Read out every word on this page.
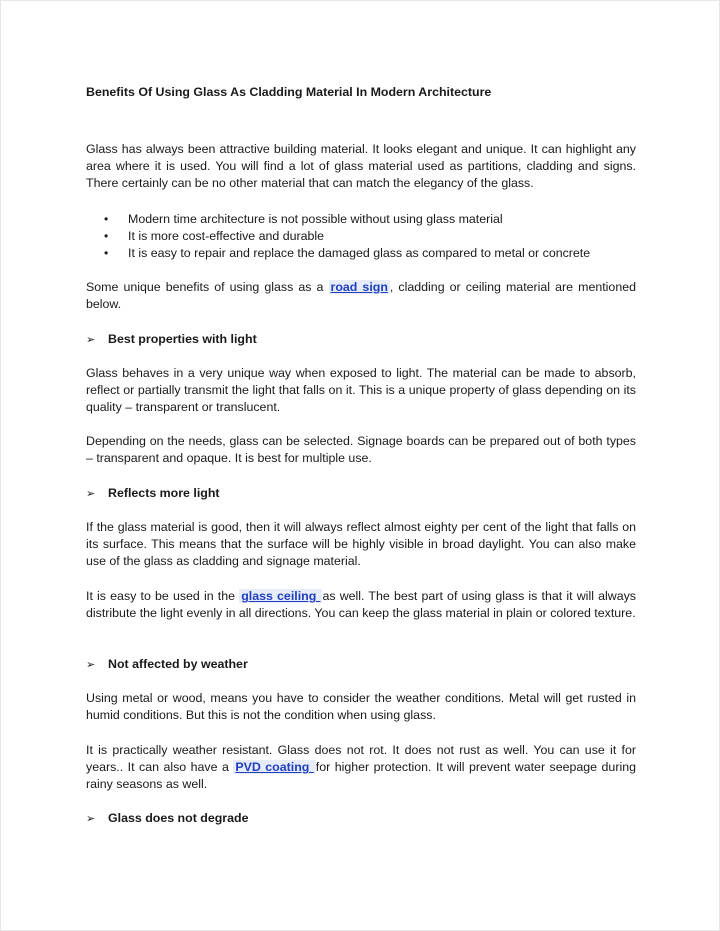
Benefits Of Using Glass As Cladding Material In Modern Architecture

Glass has always been attractive building material. It looks elegant and unique. It can highlight any area where it is used. You will find a lot of glass material used as partitions, cladding and signs. There certainly can be no other material that can match the elegancy of the glass.

• Modern time architecture is not possible without using glass material
• It is more cost-effective and durable
• It is easy to repair and replace the damaged glass as compared to metal or concrete

Some unique benefits of using glass as a road sign , cladding or ceiling material are mentioned below.

➢ Best properties with light

Glass behaves in a very unique way when exposed to light. The material can be made to absorb, reflect or partially transmit the light that falls on it. This is a unique property of glass depending on its quality – transparent or translucent.

Depending on the needs, glass can be selected. Signage boards can be prepared out of both types – transparent and opaque. It is best for multiple use.

➢ Reflects more light

If the glass material is good, then it will always reflect almost eighty per cent of the light that falls on its surface. This means that the surface will be highly visible in broad daylight. You can also make use of the glass as cladding and signage material.

It is easy to be used in the glass ceiling as well. The best part of using glass is that it will always distribute the light evenly in all directions. You can keep the glass material in plain or colored texture.

➢ Not affected by weather

Using metal or wood, means you have to consider the weather conditions. Metal will get rusted in humid conditions. But this is not the condition when using glass.

It is practically weather resistant. Glass does not rot. It does not rust as well. You can use it for years.. It can also have a PVD coating for higher protection. It will prevent water seepage during rainy seasons as well.

➢ Glass does not degrade
